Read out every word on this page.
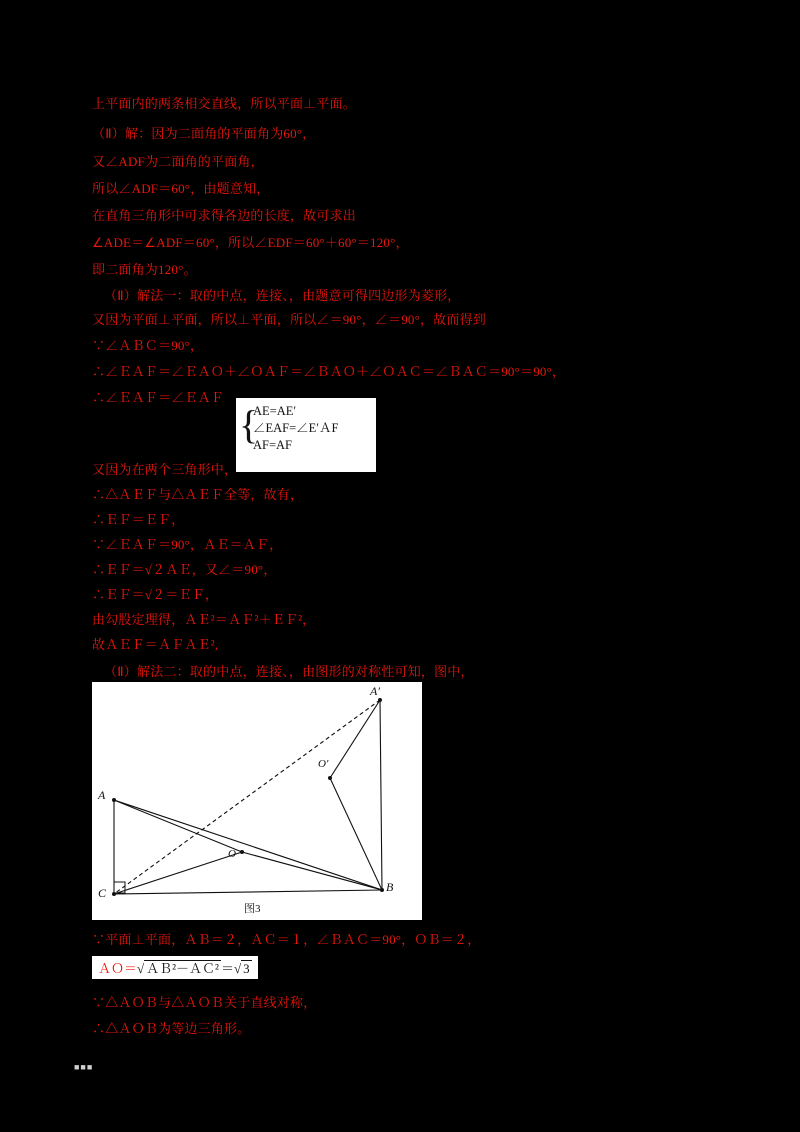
上平面内的两条相交直线，所以平面⊥平面。
（Ⅱ）解：因为二面角的平面角为60°，
又∠ADF为二面角的平面角，
所以∠ADF＝60°，由题意知，
在直角三角形中可求得各边的长度，故可求出
∠ADE＝∠ADF＝60°，所以∠EDF＝60°＋60°＝120°，
即二面角为120°。
（Ⅱ）解法一：取的中点，连接、，由题意可得四边形为菱形，
又因为平面⊥平面，所以⊥平面，所以∠＝90°，∠＝90°，故而得到
∵∠ＡＢＣ＝90°，
∴∠ＥＡＦ＝∠ＥＡＯ＋∠ＯＡＦ＝∠ＢＡＯ＋∠ＯＡＣ＝∠ＢＡＣ＝90°＝90°，
∴∠ＥＡＦ＝∠ＥＡＦ
{
AE=AE′
∠EAF=∠E′ＡF
AF=AF
又因为在两个三角形中，
∴△ＡＥＦ与△ＡＥＦ全等，故有，
∴ＥＦ＝ＥＦ，
∵∠ＥＡＦ＝90°，ＡＥ＝ＡＦ，
∴ＥＦ＝√２ＡＥ，又∠＝90°，
∴ＥＦ＝√２＝ＥＦ，
由勾股定理得，ＡＥ²＝ＡＦ²＋ＥＦ²，
故ＡＥＦ＝ＡＦＡＥ²,
（Ⅱ）解法二：取的中点，连接、，由图形的对称性可知，图中，
A
A′
B
C
O
O′
图3
∵平面⊥平面，ＡＢ＝２，ＡＣ＝１，∠ＢＡＣ＝90°，ＯＢ＝２，
ＡＯ＝√ ＡＢ²－ＡＣ² ＝√ 3
∵△ＡＯＢ与△ＡＯＢ关于直线对称，
∴△ＡＯＢ为等边三角形。
■■■
